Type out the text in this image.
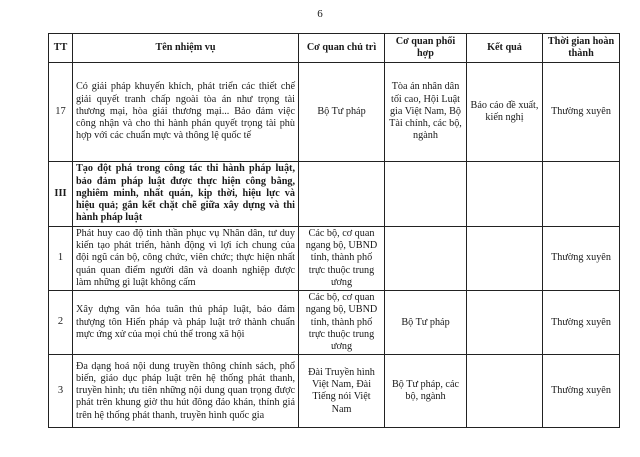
6
TT	Tên nhiệm vụ	Cơ quan chủ trì	Cơ quan phối hợp	Kết quả	Thời gian hoàn thành
17	Có giải pháp khuyến khích, phát triển các thiết chế giải quyết tranh chấp ngoài tòa án như trọng tài thương mại, hòa giải thương mại... Bảo đảm việc công nhận và cho thi hành phán quyết trọng tài phù hợp với các chuẩn mực và thông lệ quốc tế	Bộ Tư pháp	Tòa án nhân dân tối cao, Hội Luật gia Việt Nam, Bộ Tài chính, các bộ, ngành	Báo cáo đề xuất, kiến nghị	Thường xuyên
III	Tạo đột phá trong công tác thi hành pháp luật, bảo đảm pháp luật được thực hiện công bằng, nghiêm minh, nhất quán, kịp thời, hiệu lực và hiệu quả; gắn kết chặt chẽ giữa xây dựng và thi hành pháp luật				
1	Phát huy cao độ tinh thần phục vụ Nhân dân, tư duy kiến tạo phát triển, hành động vì lợi ích chung của đội ngũ cán bộ, công chức, viên chức; thực hiện nhất quán quan điểm người dân và doanh nghiệp được làm những gì luật không cấm	Các bộ, cơ quan ngang bộ, UBND tỉnh, thành phố trực thuộc trung ương			Thường xuyên
2	Xây dựng văn hóa tuân thủ pháp luật, bảo đảm thượng tôn Hiến pháp và pháp luật trở thành chuẩn mực ứng xử của mọi chủ thể trong xã hội	Các bộ, cơ quan ngang bộ, UBND tỉnh, thành phố trực thuộc trung ương	Bộ Tư pháp		Thường xuyên
3	Đa dạng hoá nội dung truyền thông chính sách, phổ biến, giáo dục pháp luật trên hệ thống phát thanh, truyền hình; ưu tiên những nội dung quan trọng được phát trên khung giờ thu hút đông đảo khán, thính giả trên hệ thống phát thanh, truyền hình quốc gia	Đài Truyền hình Việt Nam, Đài Tiếng nói Việt Nam	Bộ Tư pháp, các bộ, ngành		Thường xuyên
